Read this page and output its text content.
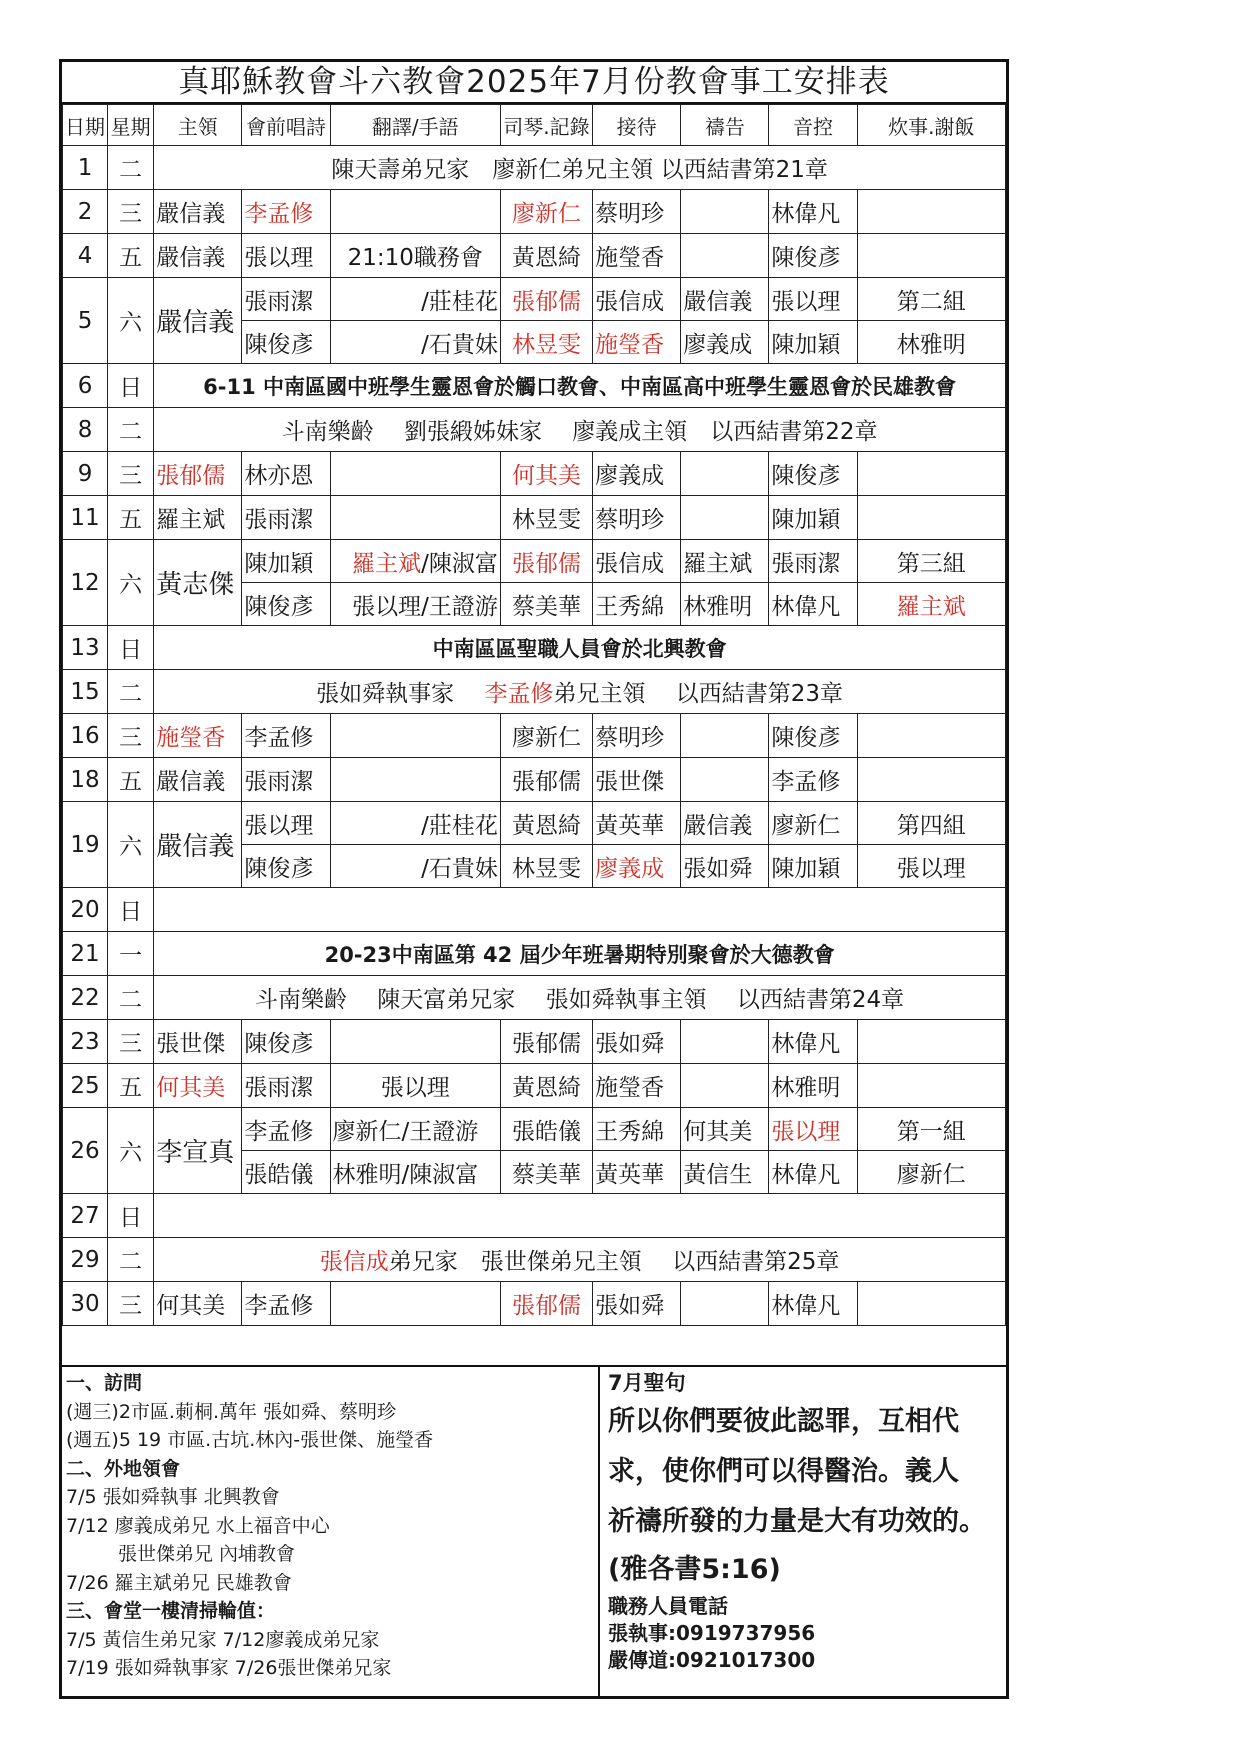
真耶穌教會斗六教會2025年7月份教會事工安排表
日期	星期	主領	會前唱詩	翻譯/手語	司琴.記錄	接待	禱告	音控	炊事.謝飯
1	二	陳天壽弟兄家　廖新仁弟兄主領 以西結書第21章							
2	三	嚴信義	李孟修		廖新仁	蔡明珍		林偉凡	
4	五	嚴信義	張以理	21:10職務會	黃恩綺	施瑩香		陳俊彥	
5	六	嚴信義	張雨潔	/莊桂花	張郁儒	張信成	嚴信義	張以理	第二組
			陳俊彥	/石貴妹	林昱雯	施瑩香	廖義成	陳加穎	林雅明
6	日	6-11 中南區國中班學生靈恩會於觸口教會、中南區高中班學生靈恩會於民雄教會							
8	二	斗南樂齡　 劉張緞姊妹家　 廖義成主領　以西結書第22章							
9	三	張郁儒	林亦恩		何其美	廖義成		陳俊彥	
11	五	羅主斌	張雨潔		林昱雯	蔡明珍		陳加穎	
12	六	黃志傑	陳加穎	羅主斌/陳淑富	張郁儒	張信成	羅主斌	張雨潔	第三組
			陳俊彥	張以理/王證游	蔡美華	王秀綿	林雅明	林偉凡	羅主斌
13	日	中南區區聖職人員會於北興教會							
15	二	張如舜執事家　 李孟修弟兄主領　 以西結書第23章							
16	三	施瑩香	李孟修		廖新仁	蔡明珍		陳俊彥	
18	五	嚴信義	張雨潔		張郁儒	張世傑		李孟修	
19	六	嚴信義	張以理	/莊桂花	黃恩綺	黃英華	嚴信義	廖新仁	第四組
			陳俊彥	/石貴妹	林昱雯	廖義成	張如舜	陳加穎	張以理
20	日								
21	一	20-23中南區第 42 屆少年班暑期特別聚會於大德教會							
22	二	斗南樂齡　 陳天富弟兄家　 張如舜執事主領　 以西結書第24章							
23	三	張世傑	陳俊彥		張郁儒	張如舜		林偉凡	
25	五	何其美	張雨潔	張以理	黃恩綺	施瑩香		林雅明	
26	六	李宣真	李孟修	廖新仁/王證游	張皓儀	王秀綿	何其美	張以理	第一組
			張皓儀	林雅明/陳淑富	蔡美華	黃英華	黃信生	林偉凡	廖新仁
27	日								
29	二	張信成弟兄家　張世傑弟兄主領　 以西結書第25章							
30	三	何其美	李孟修		張郁儒	張如舜		林偉凡	
一、訪問
(週三)2市區.莿桐.萬年 張如舜、蔡明珍
(週五)5 19 市區.古坑.林內-張世傑、施瑩香
二、外地領會
7/5 張如舜執事 北興教會
7/12 廖義成弟兄 水上福音中心
張世傑弟兄 內埔教會
7/26 羅主斌弟兄 民雄教會
三、會堂一樓清掃輪值：
7/5 黃信生弟兄家 7/12廖義成弟兄家
7/19 張如舜執事家 7/26張世傑弟兄家
7月聖句
所以你們要彼此認罪，互相代
求，使你們可以得醫治。義人
祈禱所發的力量是大有功效的。
(雅各書5:16)
職務人員電話
張執事:0919737956
嚴傳道:0921017300
